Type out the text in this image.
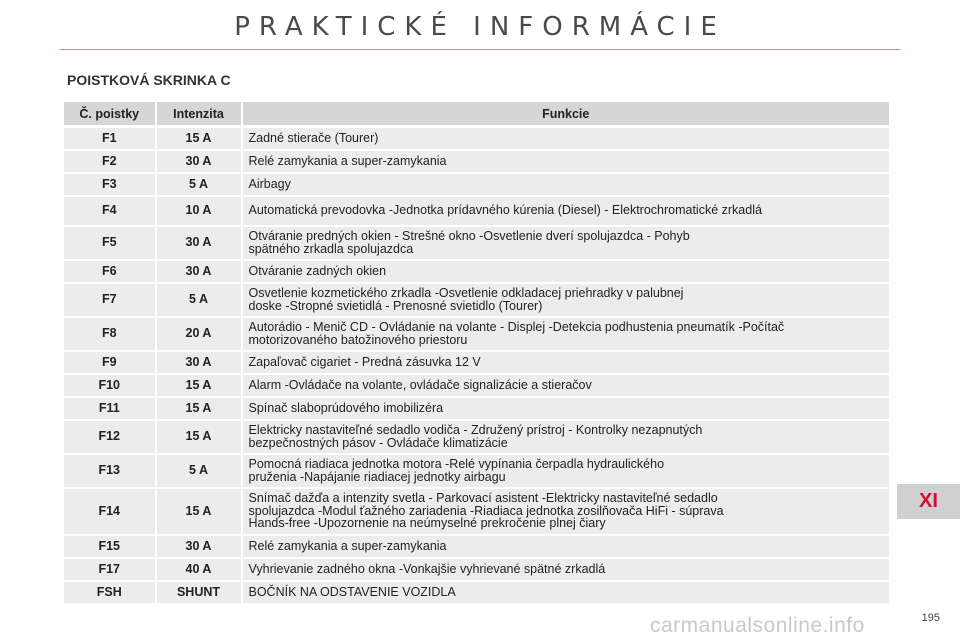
PRAKTICKÉ INFORMÁCIE
POISTKOVÁ SKRINKA C
Č. poistky	Intenzita	Funkcie
F1	15 A	Zadné stierače (Tourer)

F2	30 A	Relé zamykania a super-zamykania

F3	5 A	Airbagy

F4	10 A	Automatická prevodovka -Jednotka prídavného kúrenia (Diesel) - Elektrochromatické zrkadlá

F5	30 A	Otváranie predných okien - Strešné okno -Osvetlenie dverí spolujazdca - Pohyb
spätného zrkadla spolujazdca

F6	30 A	Otváranie zadných okien

F7	5 A	Osvetlenie kozmetického zrkadla -Osvetlenie odkladacej priehradky v palubnej
doske -Stropné svietidlá - Prenosné svietidlo (Tourer)

F8	20 A	Autorádio - Menič CD - Ovládanie na volante - Displej -Detekcia podhustenia pneumatík -Počítač
motorizovaného batožinového priestoru

F9	30 A	Zapaľovač cigariet - Predná zásuvka 12 V

F10	15 A	Alarm -Ovládače na volante, ovládače signalizácie a stieračov

F11	15 A	Spínač slaboprúdového imobilizéra

F12	15 A	Elektricky nastaviteľné sedadlo vodiča - Združený prístroj - Kontrolky nezapnutých
bezpečnostných pásov - Ovládače klimatizácie

F13	5 A	Pomocná riadiaca jednotka motora -Relé vypínania čerpadla hydraulického
pruženia -Napájanie riadiacej jednotky airbagu

F14	15 A	Snímač dažďa a intenzity svetla - Parkovací asistent -Elektricky nastaviteľné sedadlo
spolujazdca -Modul ťažného zariadenia -Riadiaca jednotka zosilňovača HiFi - súprava
Hands-free -Upozornenie na neúmyselné prekročenie plnej čiary

F15	30 A	Relé zamykania a super-zamykania

F17	40 A	Vyhrievanie zadného okna -Vonkajšie vyhrievané spätné zrkadlá

FSH	SHUNT	BOČNÍK NA ODSTAVENIE VOZIDLA
XI
195
carmanualsonline.info
